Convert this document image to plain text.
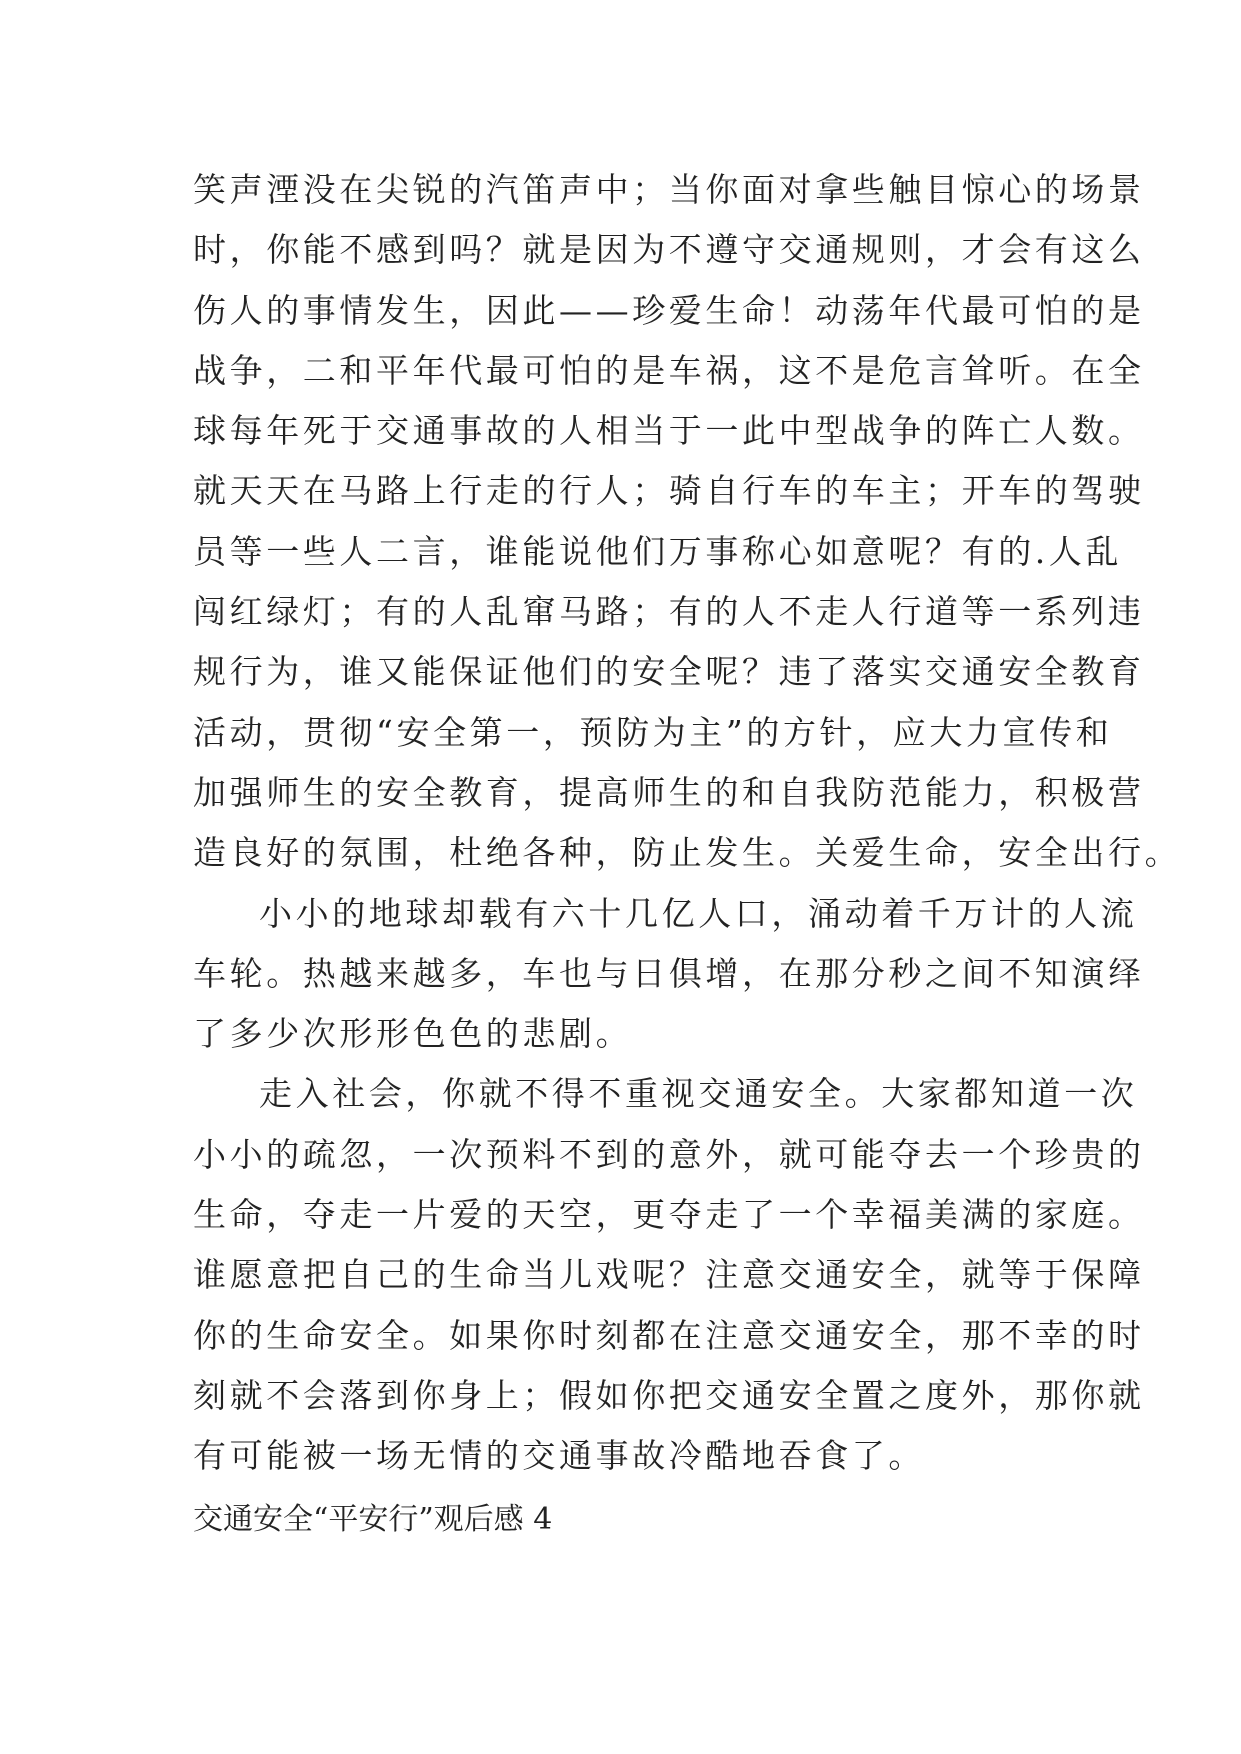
笑声湮没在尖锐的汽笛声中；当你面对拿些触目惊心的场景
时，你能不感到吗？就是因为不遵守交通规则，才会有这么
伤人的事情发生，因此——珍爱生命！动荡年代最可怕的是
战争，二和平年代最可怕的是车祸，这不是危言耸听。在全
球每年死于交通事故的人相当于一此中型战争的阵亡人数。
就天天在马路上行走的行人；骑自行车的车主；开车的驾驶
员等一些人二言，谁能说他们万事称心如意呢？有的.人乱
闯红绿灯；有的人乱窜马路；有的人不走人行道等一系列违
规行为，谁又能保证他们的安全呢？违了落实交通安全教育
活动，贯彻“安全第一，预防为主”的方针，应大力宣传和
加强师生的安全教育，提高师生的和自我防范能力，积极营
造良好的氛围，杜绝各种，防止发生。关爱生命，安全出行。
小小的地球却载有六十几亿人口，涌动着千万计的人流
车轮。热越来越多，车也与日俱增，在那分秒之间不知演绎
了多少次形形色色的悲剧。
走入社会，你就不得不重视交通安全。大家都知道一次
小小的疏忽，一次预料不到的意外，就可能夺去一个珍贵的
生命，夺走一片爱的天空，更夺走了一个幸福美满的家庭。
谁愿意把自己的生命当儿戏呢？注意交通安全，就等于保障
你的生命安全。如果你时刻都在注意交通安全，那不幸的时
刻就不会落到你身上；假如你把交通安全置之度外，那你就
有可能被一场无情的交通事故冷酷地吞食了。
交通安全“平安行”观后感 4
